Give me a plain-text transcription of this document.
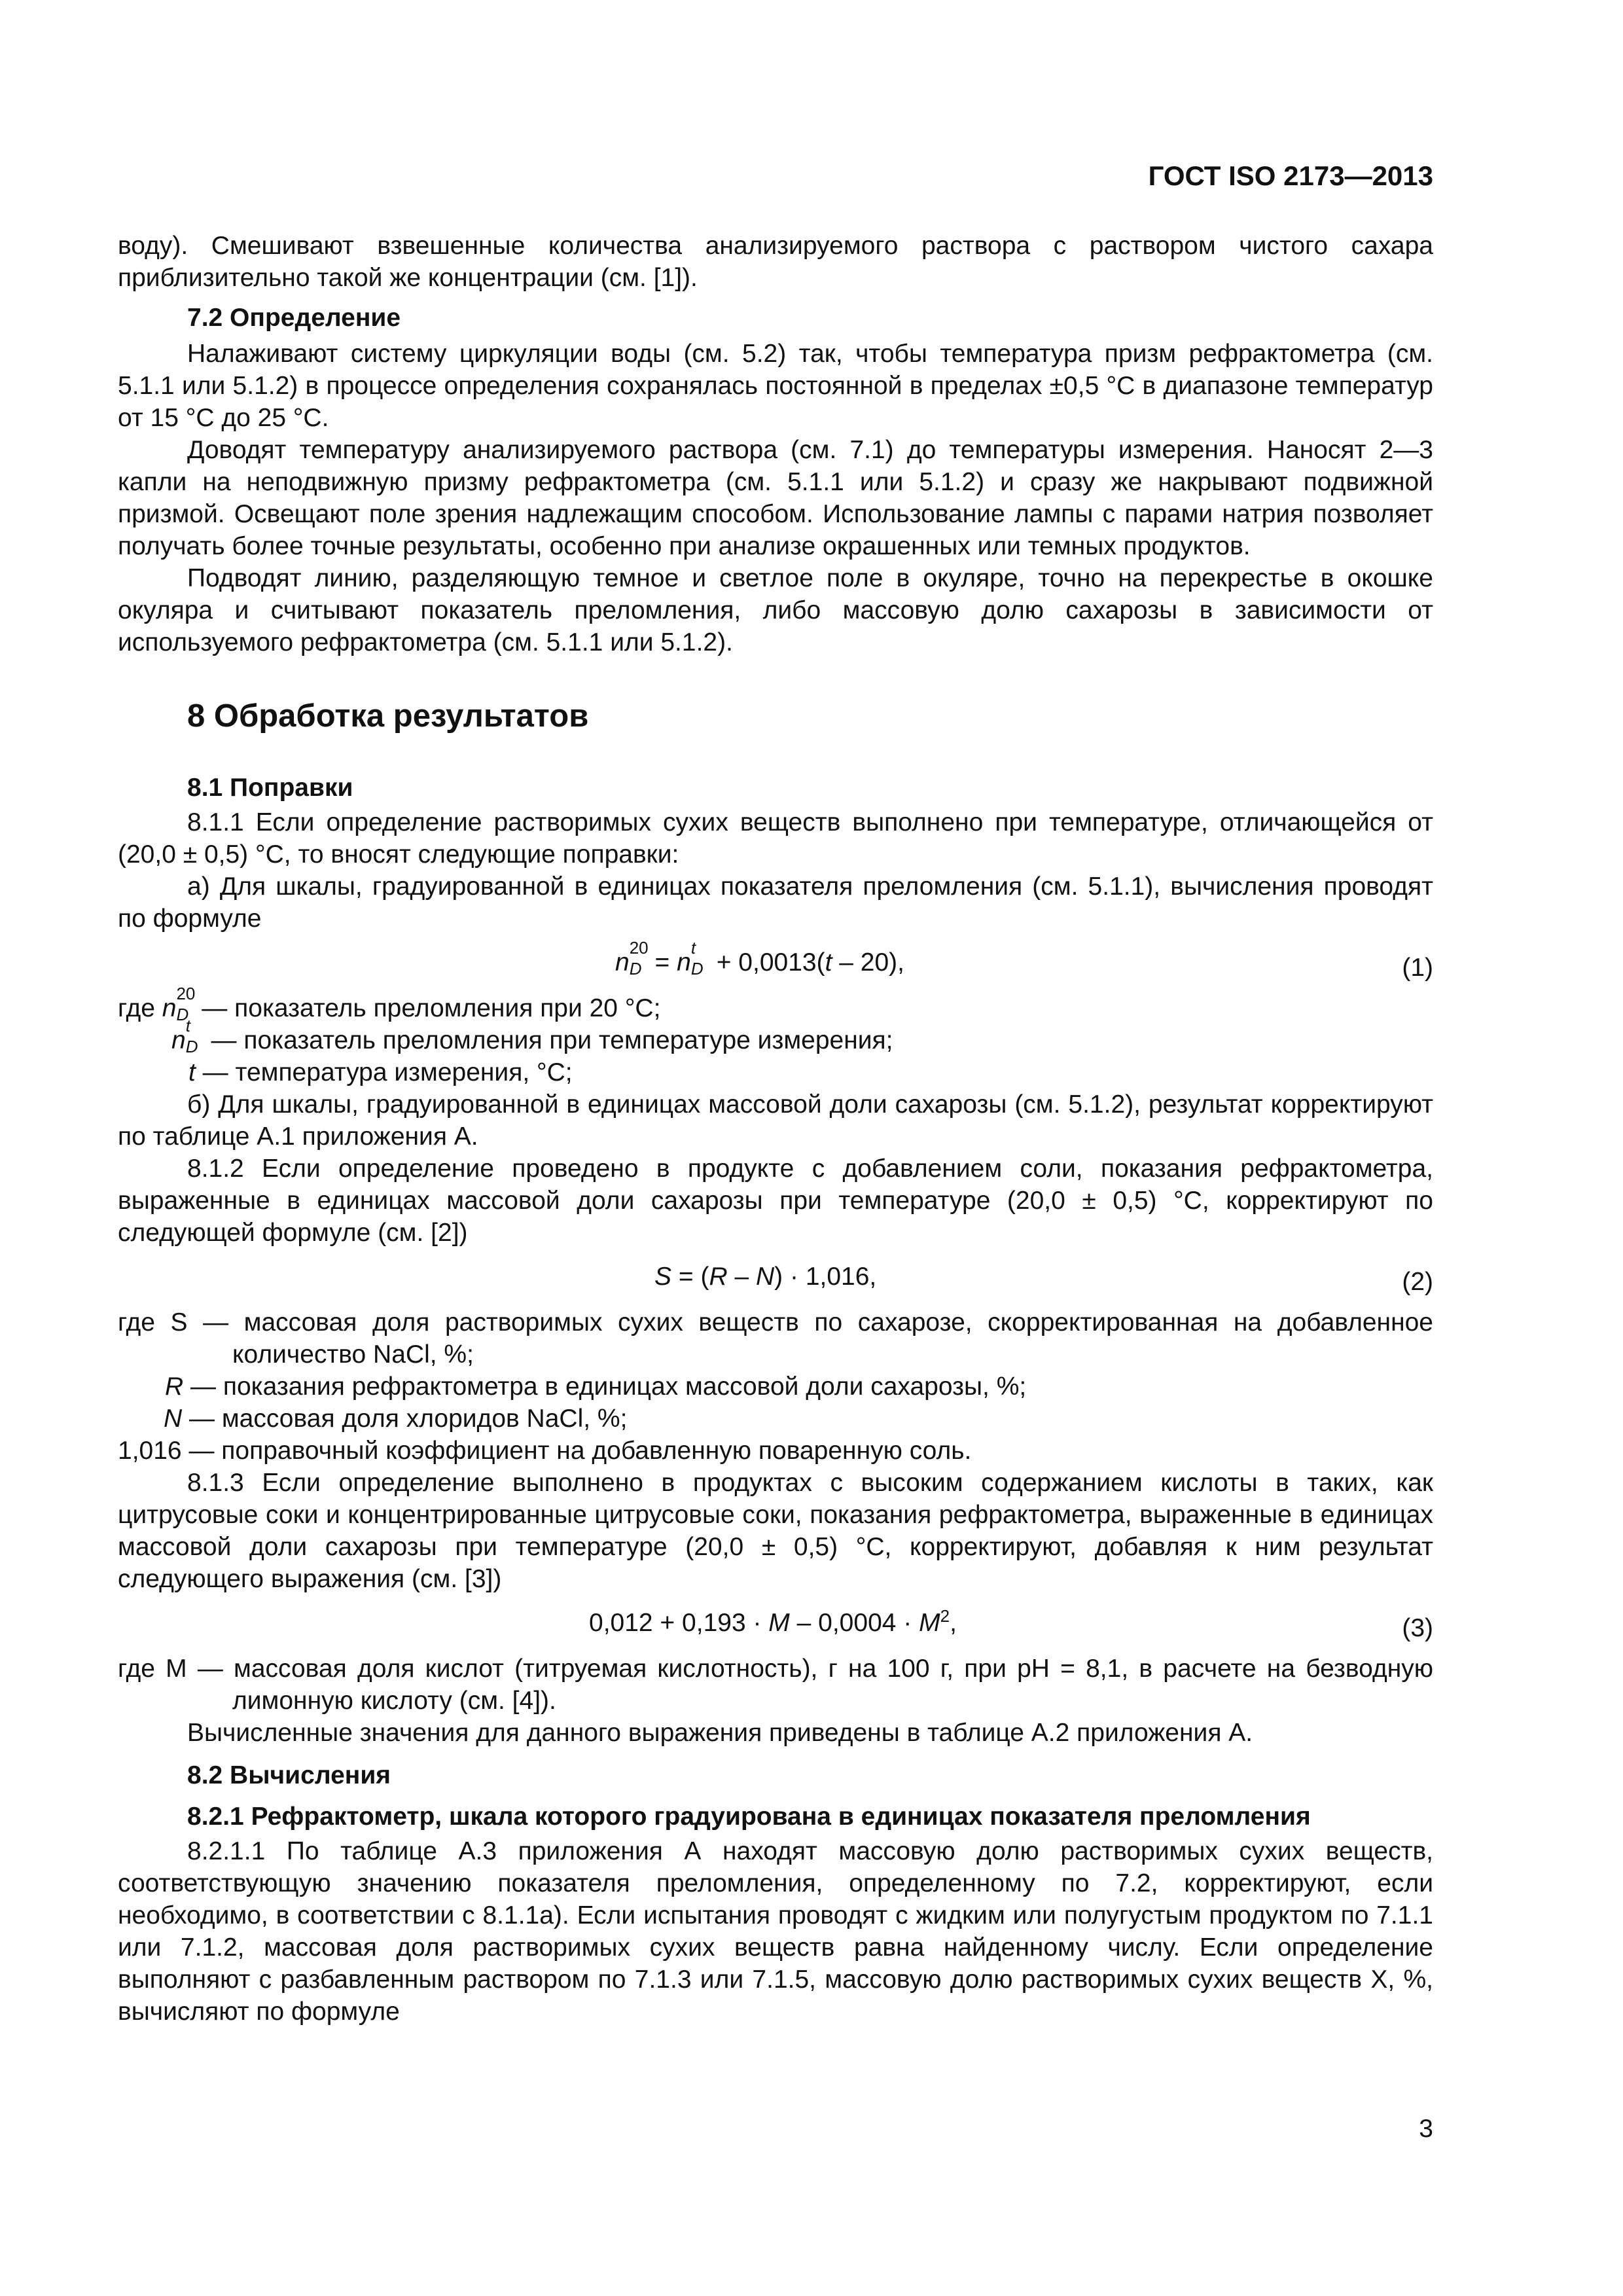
ГОСТ ISO 2173—2013

воду). Смешивают взвешенные количества анализируемого раствора с раствором чистого сахара приблизительно такой же концентрации (см. [1]).

7.2 Определение

Налаживают систему циркуляции воды (см. 5.2) так, чтобы температура призм рефрактометра (см. 5.1.1 или 5.1.2) в процессе определения сохранялась постоянной в пределах ±0,5 °С в диапазоне температур от 15 °С до 25 °С.

Доводят температуру анализируемого раствора (см. 7.1) до температуры измерения. Наносят 2—3 капли на неподвижную призму рефрактометра (см. 5.1.1 или 5.1.2) и сразу же накрывают подвижной призмой. Освещают поле зрения надлежащим способом. Использование лампы с парами натрия позволяет получать более точные результаты, особенно при анализе окрашенных или темных продуктов.

Подводят линию, разделяющую темное и светлое поле в окуляре, точно на перекрестье в окошке окуляра и считывают показатель преломления, либо массовую долю сахарозы в зависимости от используемого рефрактометра (см. 5.1.1 или 5.1.2).

8 Обработка результатов
8.1 Поправки

8.1.1 Если определение растворимых сухих веществ выполнено при температуре, отличающейся от (20,0 ± 0,5) °С, то вносят следующие поправки:

а) Для шкалы, градуированной в единицах показателя преломления (см. 5.1.1), вычисления проводят по формуле

n
20
D = n
t
D + 0,0013(t – 20),	(1)
где n
20
D — показатель преломления при 20 °С;
n
t
D — показатель преломления при температуре измерения;
t — температура измерения, °С;

б) Для шкалы, градуированной в единицах массовой доли сахарозы (см. 5.1.2), результат корректируют по таблице А.1 приложения А.

8.1.2 Если определение проведено в продукте с добавлением соли, показания рефрактометра, выраженные в единицах массовой доли сахарозы при температуре (20,0 ± 0,5) °С, корректируют по следующей формуле (см. [2])

S = (R – N) · 1,016,	(2)

где S — массовая доля растворимых сухих веществ по сахарозе, скорректированная на добавленное количество NaCl, %;

R — показания рефрактометра в единицах массовой доли сахарозы, %;
N — массовая доля хлоридов NaCl, %;
1,016 — поправочный коэффициент на добавленную поваренную соль.

8.1.3 Если определение выполнено в продуктах с высоким содержанием кислоты в таких, как цитрусовые соки и концентрированные цитрусовые соки, показания рефрактометра, выраженные в единицах массовой доли сахарозы при температуре (20,0 ± 0,5) °С, корректируют, добавляя к ним результат следующего выражения (см. [3])

$0,012 + 0,193 \cdot M - 0,0004 \cdot M^2$,	(3)

где M — массовая доля кислот (титруемая кислотность), г на 100 г, при рН = 8,1, в расчете на безводную лимонную кислоту (см. [4]).

Вычисленные значения для данного выражения приведены в таблице А.2 приложения А.

8.2 Вычисления
8.2.1 Рефрактометр, шкала которого градуирована в единицах показателя преломления

8.2.1.1 По таблице А.3 приложения А находят массовую долю растворимых сухих веществ, соответствующую значению показателя преломления, определенному по 7.2, корректируют, если необходимо, в соответствии с 8.1.1а). Если испытания проводят с жидким или полугустым продуктом по 7.1.1 или 7.1.2, массовая доля растворимых сухих веществ равна найденному числу. Если определение выполняют с разбавленным раствором по 7.1.3 или 7.1.5, массовую долю растворимых сухих веществ X, %, вычисляют по формуле

3
